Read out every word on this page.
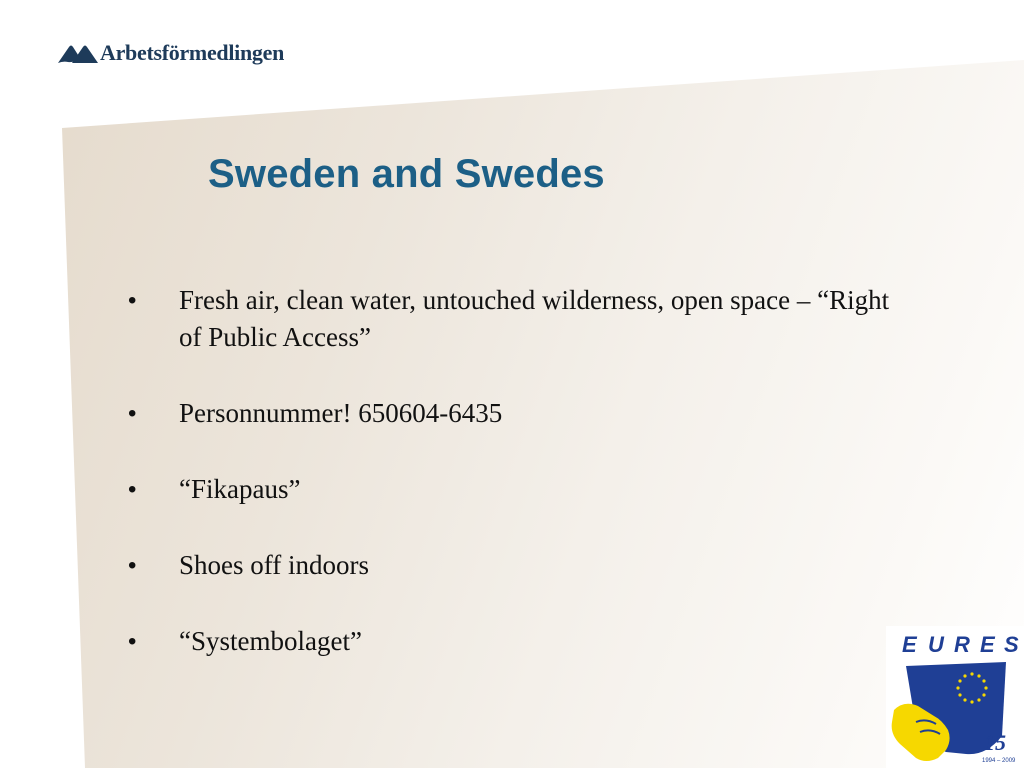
Arbetsförmedlingen
Sweden and Swedes
• Fresh air, clean water, untouched wilderness, open space – “Right of Public Access”
• Personnummer! 650604-6435
• “Fikapaus”
• Shoes off indoors
• “Systembolaget”	E U R E S
15
1994 – 2009
